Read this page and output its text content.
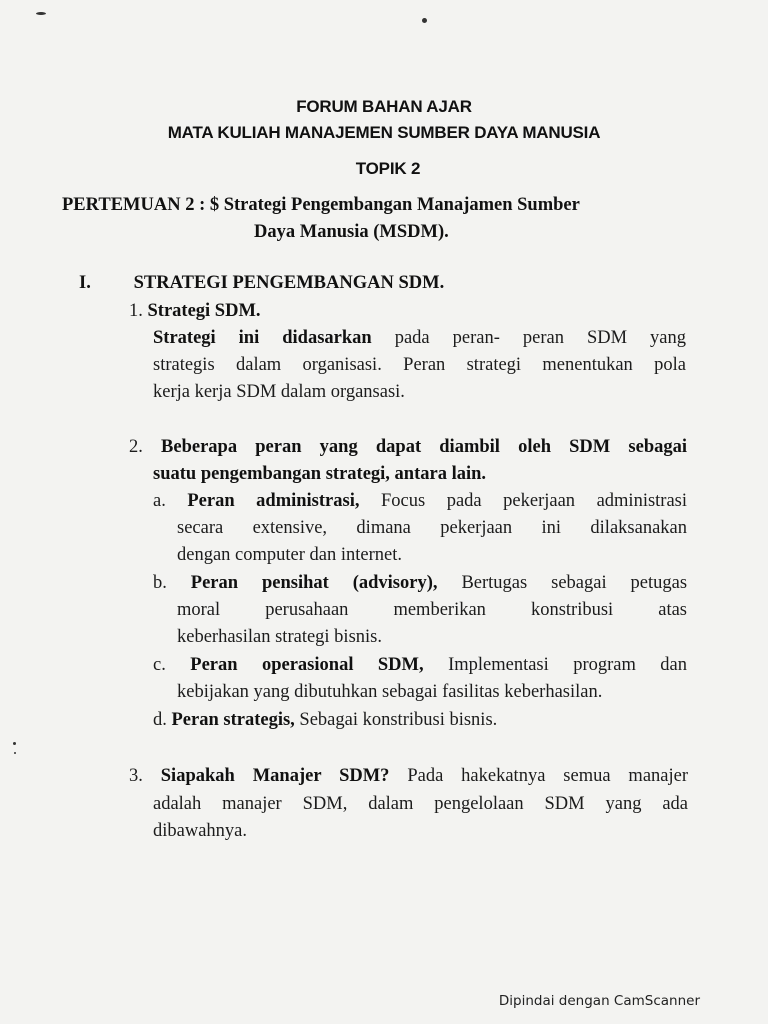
FORUM BAHAN AJAR
MATA KULIAH MANAJEMEN SUMBER DAYA MANUSIA
TOPIK 2
PERTEMUAN 2 : $ Strategi Pengembangan Manajamen Sumber
Daya Manusia (MSDM).
I. STRATEGI PENGEMBANGAN SDM.
1. Strategi SDM.
Strategi ini didasarkan pada peran- peran SDM yang
strategis dalam organisasi. Peran strategi menentukan pola
kerja kerja SDM dalam organsasi.
2. Beberapa peran yang dapat diambil oleh SDM sebagai
suatu pengembangan strategi, antara lain.
a. Peran administrasi, Focus pada pekerjaan administrasi
secara extensive, dimana pekerjaan ini dilaksanakan
dengan computer dan internet.
b. Peran pensihat (advisory), Bertugas sebagai petugas
moral perusahaan memberikan konstribusi atas
keberhasilan strategi bisnis.
c. Peran operasional SDM, Implementasi program dan
kebijakan yang dibutuhkan sebagai fasilitas keberhasilan.
d. Peran strategis, Sebagai konstribusi bisnis.
3. Siapakah Manajer SDM? Pada hakekatnya semua manajer
adalah manajer SDM, dalam pengelolaan SDM yang ada
dibawahnya.
Dipindai dengan CamScanner
